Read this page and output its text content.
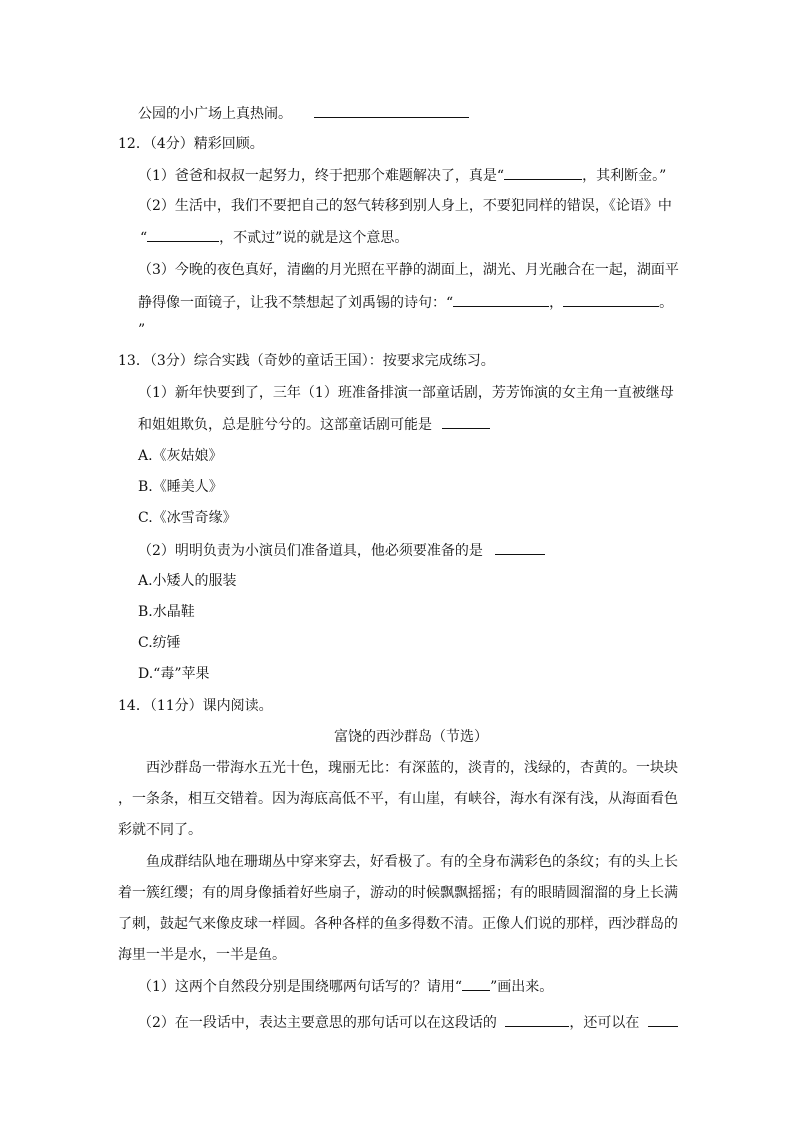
公园的小广场上真热闹。
12．（4分）精彩回顾。
（1）爸爸和叔叔一起努力，终于把那个难题解决了，真是“	，其利断金。”
（2）生活中，我们不要把自己的怒气转移到别人身上，不要犯同样的错误，《论语》中
“	，不贰过”说的就是这个意思。
（3）今晚的夜色真好，清幽的月光照在平静的湖面上，湖光、月光融合在一起，湖面平
静得像一面镜子，让我不禁想起了刘禹锡的诗句：“	，	。
”
13．（3分）综合实践（奇妙的童话王国）：按要求完成练习。
（1）新年快要到了，三年（1）班准备排演一部童话剧，芳芳饰演的女主角一直被继母
和姐姐欺负，总是脏兮兮的。这部童话剧可能是
A.《灰姑娘》
B.《睡美人》
C.《冰雪奇缘》
（2）明明负责为小演员们准备道具，他必须要准备的是
A.小矮人的服装
B.水晶鞋
C.纺锤
D.“毒”苹果
14．（11分）课内阅读。
富饶的西沙群岛（节选）
西沙群岛一带海水五光十色，瑰丽无比：有深蓝的，淡青的，浅绿的，杏黄的。一块块
，一条条，相互交错着。因为海底高低不平，有山崖，有峡谷，海水有深有浅，从海面看色
彩就不同了。
鱼成群结队地在珊瑚丛中穿来穿去，好看极了。有的全身布满彩色的条纹；有的头上长
着一簇红缨；有的周身像插着好些扇子，游动的时候飘飘摇摇；有的眼睛圆溜溜的身上长满
了刺，鼓起气来像皮球一样圆。各种各样的鱼多得数不清。正像人们说的那样，西沙群岛的
海里一半是水，一半是鱼。
（1）这两个自然段分别是围绕哪两句话写的？请用“ ”画出来。
（2）在一段话中，表达主要意思的那句话可以在这段话的	，还可以在
